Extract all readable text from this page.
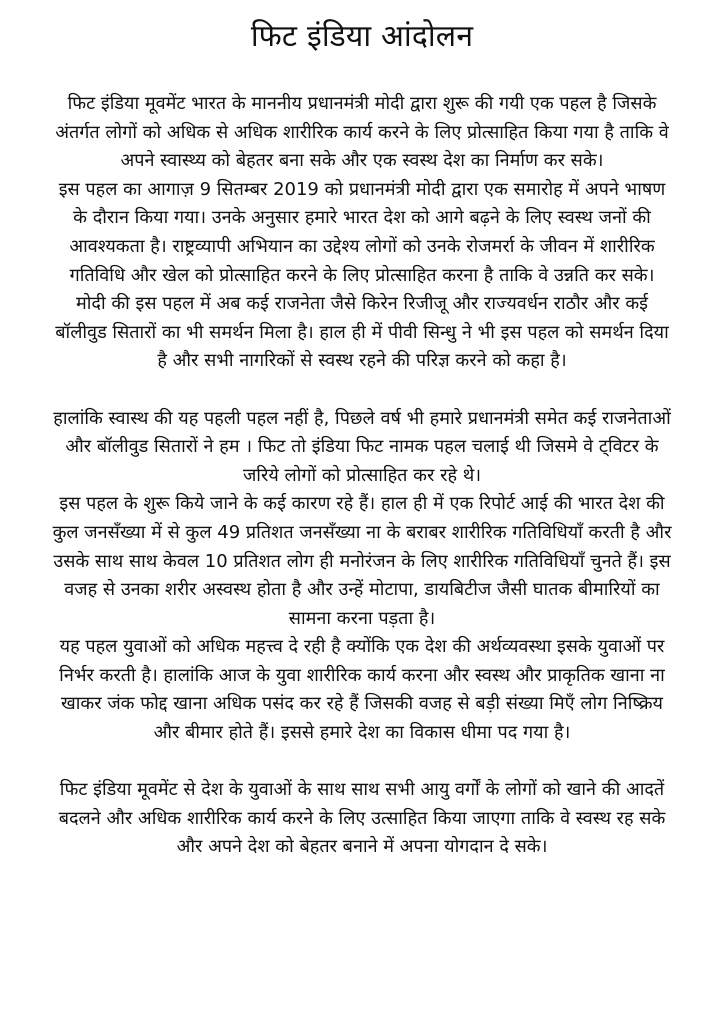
फिट इंडिया आंदोलन

फिट इंडिया मूवमेंट भारत के माननीय प्रधानमंत्री मोदी द्वारा शुरू की गयी एक पहल है जिसके अंतर्गत लोगों को अधिक से अधिक शारीरिक कार्य करने के लिए प्रोत्साहित किया गया है ताकि वे अपने स्वास्थ्य को बेहतर बना सके और एक स्वस्थ देश का निर्माण कर सके।

इस पहल का आगाज़ 9 सितम्बर 2019 को प्रधानमंत्री मोदी द्वारा एक समारोह में अपने भाषण के दौरान किया गया। उनके अनुसार हमारे भारत देश को आगे बढ़ने के लिए स्वस्थ जनों की आवश्यकता है। राष्ट्रव्यापी अभियान का उद्देश्य लोगों को उनके रोजमर्रा के जीवन में शारीरिक गतिविधि और खेल को प्रोत्साहित करने के लिए प्रोत्साहित करना है ताकि वे उन्नति कर सके।

मोदी की इस पहल में अब कई राजनेता जैसे किरेन रिजीजू और राज्यवर्धन राठौर और कई बॉलीवुड सितारों का भी समर्थन मिला है। हाल ही में पीवी सिन्धु ने भी इस पहल को समर्थन दिया है और सभी नागरिकों से स्वस्थ रहने की परिज्ञ करने को कहा है।

हालांकि स्वास्थ की यह पहली पहल नहीं है, पिछले वर्ष भी हमारे प्रधानमंत्री समेत कई राजनेताओं और बॉलीवुड सितारों ने हम । फिट तो इंडिया फिट नामक पहल चलाई थी जिसमे वे ट्विटर के जरिये लोगों को प्रोत्साहित कर रहे थे।

इस पहल के शुरू किये जाने के कई कारण रहे हैं। हाल ही में एक रिपोर्ट आई की भारत देश की कुल जनसँख्या में से कुल 49 प्रतिशत जनसँख्या ना के बराबर शारीरिक गतिविधियाँ करती है और उसके साथ साथ केवल 10 प्रतिशत लोग ही मनोरंजन के लिए शारीरिक गतिविधियाँ चुनते हैं। इस वजह से उनका शरीर अस्वस्थ होता है और उन्हें मोटापा, डायबिटीज जैसी घातक बीमारियों का सामना करना पड़ता है।

यह पहल युवाओं को अधिक महत्त्व दे रही है क्योंकि एक देश की अर्थव्यवस्था इसके युवाओं पर निर्भर करती है। हालांकि आज के युवा शारीरिक कार्य करना और स्वस्थ और प्राकृतिक खाना ना खाकर जंक फोद्द खाना अधिक पसंद कर रहे हैं जिसकी वजह से बड़ी संख्या मिएँ लोग निष्क्रिय और बीमार होते हैं। इससे हमारे देश का विकास धीमा पद गया है।

फिट इंडिया मूवमेंट से देश के युवाओं के साथ साथ सभी आयु वर्गों के लोगों को खाने की आदतें बदलने और अधिक शारीरिक कार्य करने के लिए उत्साहित किया जाएगा ताकि वे स्वस्थ रह सके और अपने देश को बेहतर बनाने में अपना योगदान दे सके।
